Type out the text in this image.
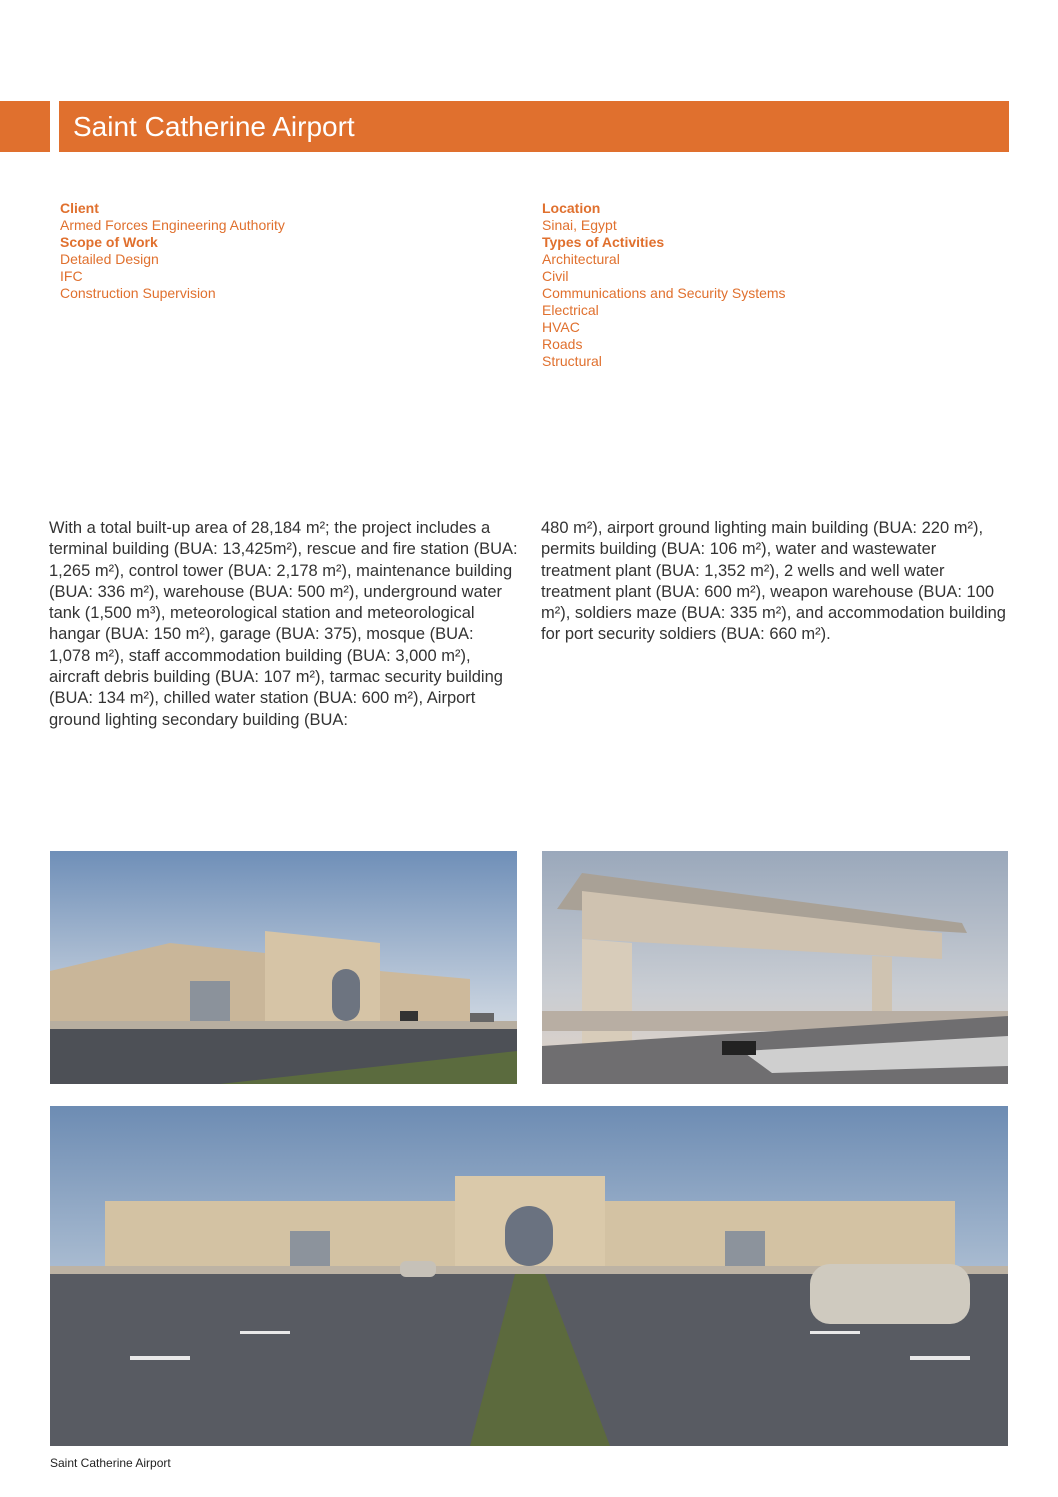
Saint Catherine Airport
Client
Armed Forces Engineering Authority
Scope of Work
Detailed Design
IFC
Construction Supervision
Location
Sinai, Egypt
Types of Activities
Architectural
Civil
Communications and Security Systems
Electrical
HVAC
Roads
Structural
With a total built-up area of 28,184 m²; the project includes a terminal building (BUA: 13,425m²), rescue and fire station (BUA: 1,265 m²), control tower (BUA: 2,178 m²), maintenance building (BUA: 336 m²), warehouse (BUA: 500 m²), underground water tank (1,500 m³), meteorological station and meteorological hangar (BUA: 150 m²), garage (BUA: 375), mosque (BUA: 1,078 m²), staff accommodation building (BUA: 3,000 m²), aircraft debris building (BUA: 107 m²), tarmac security building (BUA: 134 m²), chilled water station (BUA: 600 m²), Airport ground lighting secondary building (BUA:
480 m²), airport ground lighting main building (BUA: 220 m²), permits building (BUA: 106 m²), water and wastewater treatment plant (BUA: 1,352 m²), 2 wells and well water treatment plant (BUA: 600 m²), weapon warehouse (BUA: 100 m²), soldiers maze (BUA: 335 m²), and accommodation building for port security soldiers (BUA: 660 m²).
Saint Catherine Airport
